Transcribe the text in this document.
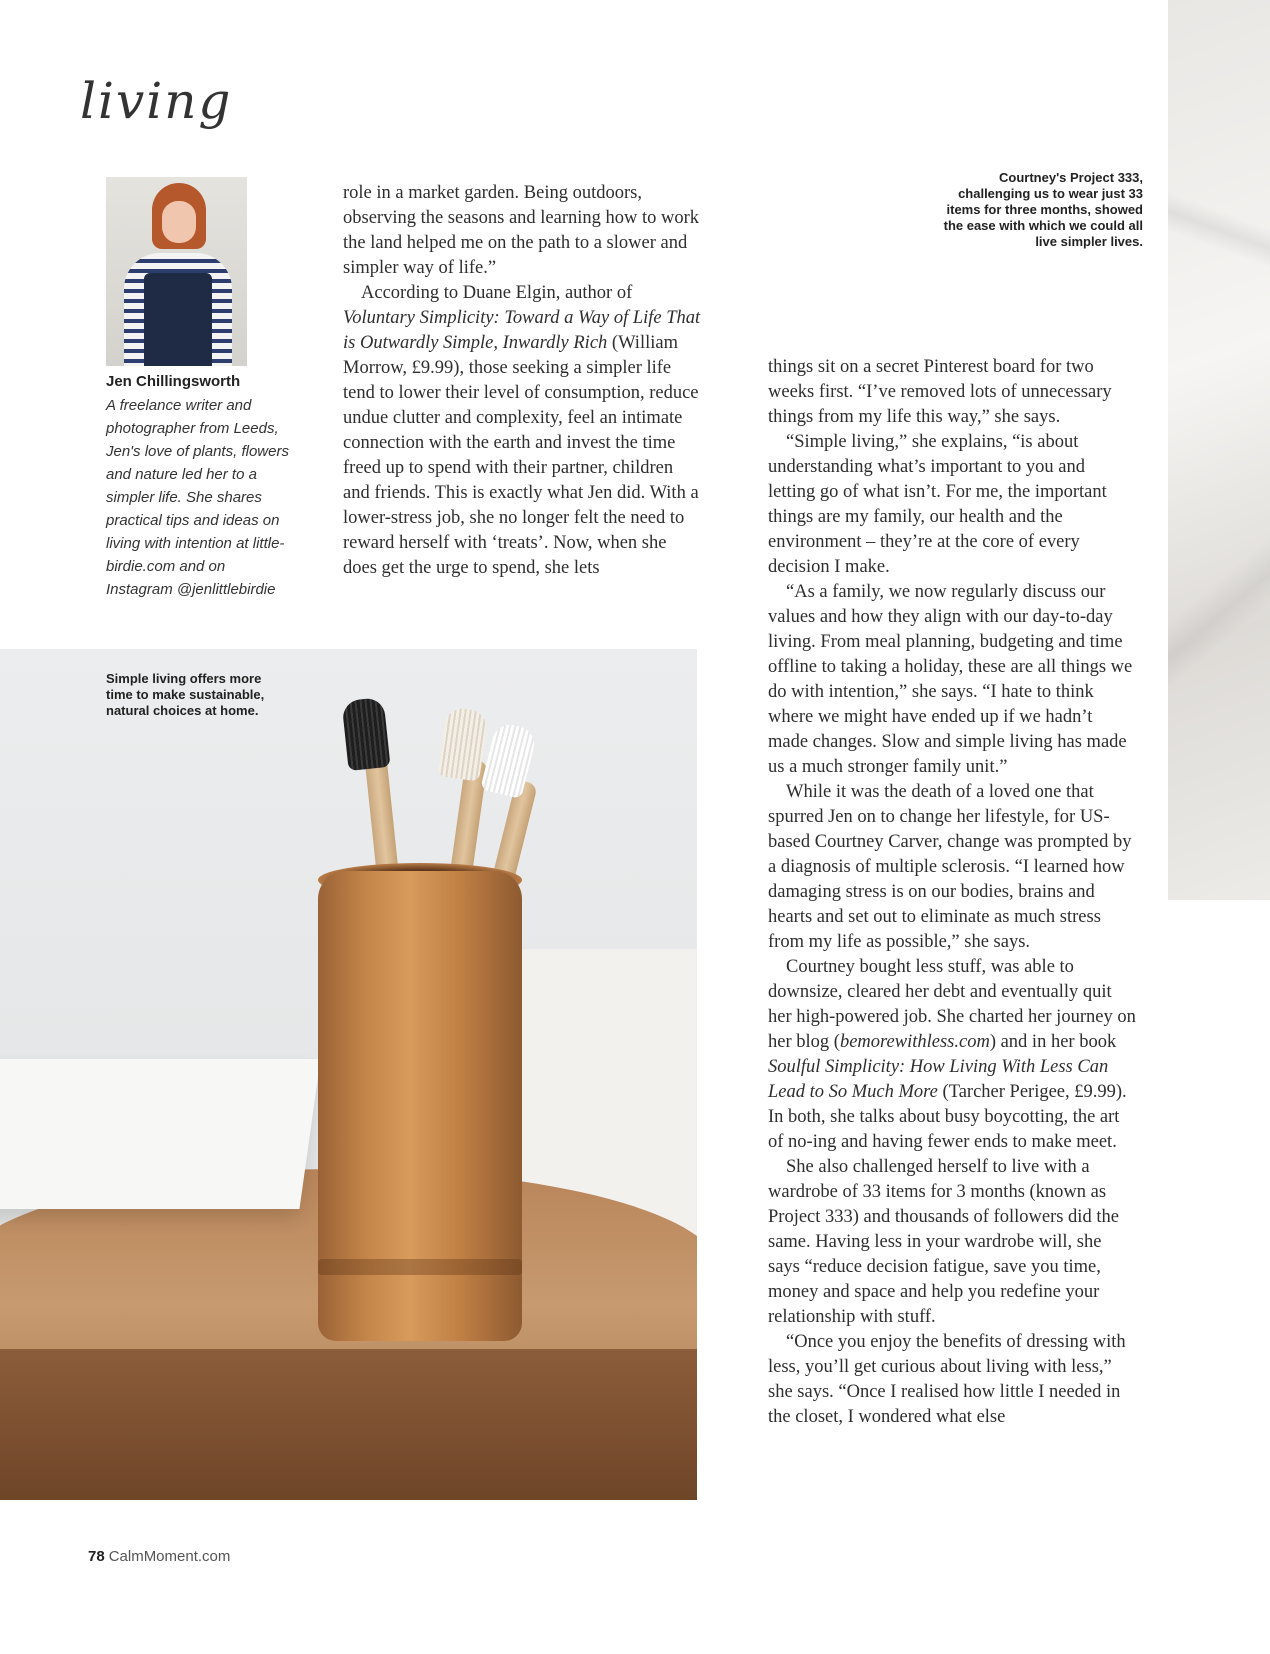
living
Jen Chillingsworth

A freelance writer and photographer from Leeds, Jen's love of plants, flowers and nature led her to a simpler life. She shares practical tips and ideas on living with intention at little-birdie.com and on Instagram @jenlittlebirdie

Courtney's Project 333, challenging us to wear just 33 items for three months, showed the ease with which we could all live simpler lives.

role in a market garden. Being outdoors, observing the seasons and learning how to work the land helped me on the path to a slower and simpler way of life.”

According to Duane Elgin, author of Voluntary Simplicity: Toward a Way of Life That is Outwardly Simple, Inwardly Rich (William Morrow, £9.99), those seeking a simpler life tend to lower their level of consumption, reduce undue clutter and complexity, feel an intimate connection with the earth and invest the time freed up to spend with their partner, children and friends. This is exactly what Jen did. With a lower-stress job, she no longer felt the need to reward herself with ‘treats’. Now, when she does get the urge to spend, she lets

things sit on a secret Pinterest board for two weeks first. “I’ve removed lots of unnecessary things from my life this way,” she says.

“Simple living,” she explains, “is about understanding what’s important to you and letting go of what isn’t. For me, the important things are my family, our health and the environment – they’re at the core of every decision I make.

“As a family, we now regularly discuss our values and how they align with our day-to-day living. From meal planning, budgeting and time offline to taking a holiday, these are all things we do with intention,” she says. “I hate to think where we might have ended up if we hadn’t made changes. Slow and simple living has made us a much stronger family unit.”

While it was the death of a loved one that spurred Jen on to change her lifestyle, for US-based Courtney Carver, change was prompted by a diagnosis of multiple sclerosis. “I learned how damaging stress is on our bodies, brains and hearts and set out to eliminate as much stress from my life as possible,” she says.

Courtney bought less stuff, was able to downsize, cleared her debt and eventually quit her high-powered job. She charted her journey on her blog (bemorewithless.com) and in her book Soulful Simplicity: How Living With Less Can Lead to So Much More (Tarcher Perigee, £9.99). In both, she talks about busy boycotting, the art of no-ing and having fewer ends to make meet.

She also challenged herself to live with a wardrobe of 33 items for 3 months (known as Project 333) and thousands of followers did the same. Having less in your wardrobe will, she says “reduce decision fatigue, save you time, money and space and help you redefine your relationship with stuff.

“Once you enjoy the benefits of dressing with less, you’ll get curious about living with less,” she says. “Once I realised how little I needed in the closet, I wondered what else

Simple living offers more time to make sustainable, natural choices at home.
78 CalmMoment.com
